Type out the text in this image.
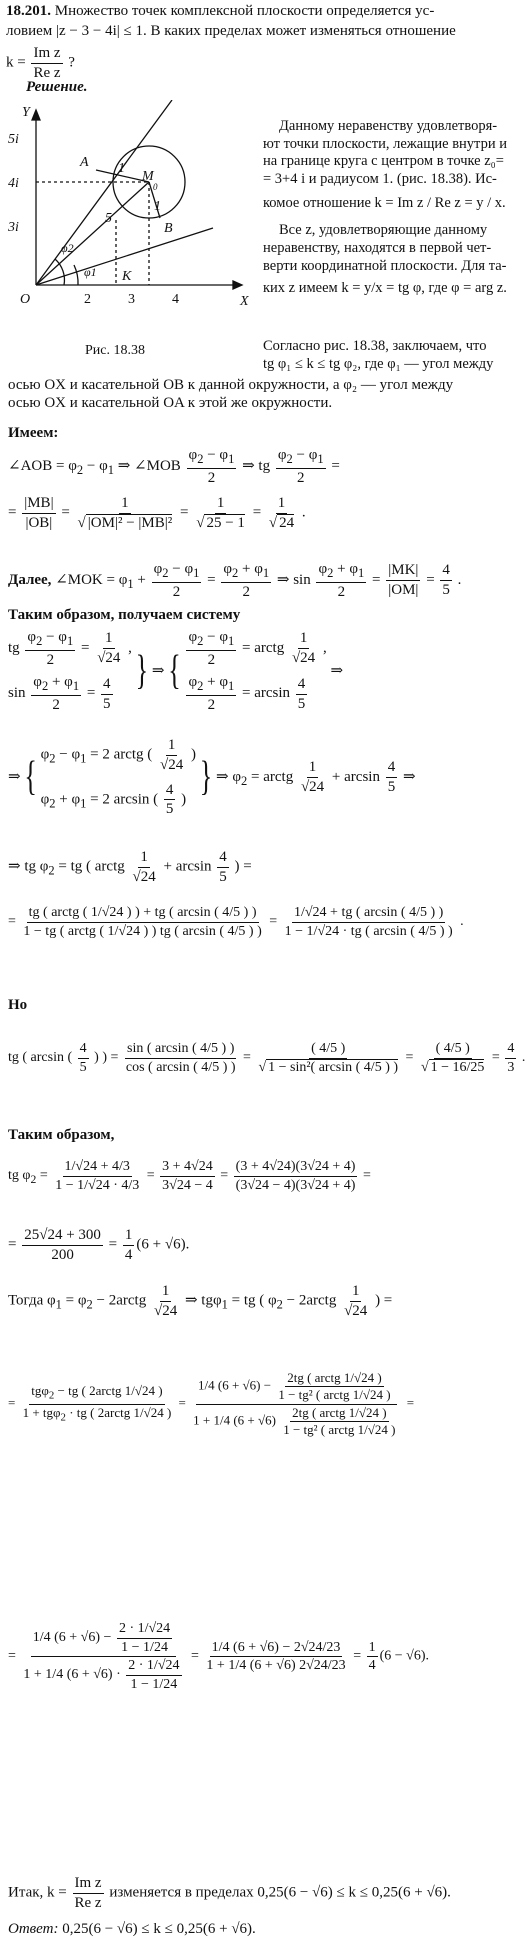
18.201. Множество точек комплексной плоскости определяется ус-
ловием |z − 3 − 4i| ≤ 1. В каких пределах может изменяться отношение
$k = \frac{\text{Im z}}{\text{Re z}}$ ?
Решение.
Y
X
O
A
B
M
0
K
1
1
5
φ2
φ1
5i
4i
3i
2	3	4
Рис. 18.38
Данному неравенству удовлетворя-
ют точки плоскости, лежащие внутри и
на границе круга с центром в точке z₀=
= 3+4 i и радиусом 1. (рис. 18.38). Ис-
комое отношение k = Im z / Re z = y / x.
Все z, удовлетворяющие данному
неравенству, находятся в первой чет-
верти координатной плоскости. Для та-
ких z имеем k = y/x = tg φ, где φ = arg z.
Согласно рис. 18.38, заключаем, что
tg φ₁ ≤ k ≤ tg φ₂, где φ₁ — угол между
осью OX и касательной OB к данной окружности, а φ₂ — угол между
осью OX и касательной OA к этой же окружности.
Имеем:
∠AOB = $\varphi_2 - \varphi_1$ ⇒ ∠MOB $\frac{\varphi_2 - \varphi_1}{2}$ ⇒ tg $\frac{\varphi_2 - \varphi_1}{2}$ =
= $\frac{|MB|}{|OB|} = \frac{1}{\text{√ |OM|² − |MB|²}} = \frac{1}{√ 25 - 1} = \frac{1}{√ 24}$ .
Далее, ∠MOK = $\varphi_1 + \frac{\varphi_2 - \varphi_1}{2} = \frac{\varphi_2 + \varphi_1}{2}$ ⇒ $\sin \frac{\varphi_2 + \varphi_1}{2} = \frac{|MK|}{|OM|} = \frac{4}{5}$ .
Таким образом, получаем систему
tg $\frac{\varphi_2 - \varphi_1}{2} = \frac{1}{√24}$ ,
$\sin \frac{\varphi_2 + \varphi_1}{2} = \frac{4}{5}$
} ⇒ { $\frac{\varphi_2 - \varphi_1}{2}$ = arctg $\frac{1}{√24}$ ,
$\frac{\varphi_2 + \varphi_1}{2} = \arcsin \frac{4}{5}$
⇒
⇒ { $\varphi_2 - \varphi_1 = 2$ arctg ( $\frac{1}{√24}$ )
$\varphi_2 + \varphi_1 = 2$ arcsin ( $\frac{4}{5}$ ) } ⇒ $\varphi_2$ = arctg $\frac{1}{√24} + \arcsin \frac{4}{5}$ ⇒
⇒ tg $\varphi_2$ = tg ( arctg $\frac{1}{√24} + \arcsin \frac{4}{5}$ ) =
=
tg ( arctg ( 1/√24 ) ) + tg ( arcsin ( 4/5 ) )
1 − tg ( arctg ( 1/√24 ) ) tg ( arcsin ( 4/5 ) )
= $\frac{1/√24 + tg ( \arcsin ( 4/5 ) )}{1 - 1/√24 \cdot tg ( \arcsin ( 4/5 ) )}$ .
Но
tg ( arcsin ( $\frac{4}{5}$ ) ) = $\frac{\sin ( \arcsin ( 4/5 ) )}{\cos ( \arcsin ( 4/5 ) )} = \frac{( 4/5 )}{\text{√ 1 − sin²( arcsin ( 4/5 ) )}} = \frac{( 4/5 )}{√ 1 - 16/25} = \frac{4}{3}$ .
Таким образом,
tg $\varphi_2 = \frac{1/√24 + 4/3}{1 - 1/√24 \cdot 4/3} = \frac{3 + 4√24}{3√24 - 4} = \frac{(3 + 4√24)(3√24 + 4)}{(3√24 - 4)(3√24 + 4)}$ =
= $\frac{25√24 + 300}{200} = \frac{1}{4} (6 + √6)$.
Тогда $\varphi_1 = \varphi_2$ − 2arctg $\frac{1}{√24}$ ⇒ tgφ$_1$ = tg ( $\varphi_2$ − 2arctg $\frac{1}{√24}$ ) =
=
tgφ$_2$ − tg ( 2arctg 1/√24 )
1 + tgφ$_2$ · tg ( 2arctg 1/√24 )
=
1/4 (6 + √6) −
2tg ( arctg 1/√24 )
1 − tg² ( arctg 1/√24 )
1 + 1/4 (6 + √6)
2tg ( arctg 1/√24 )
1 − tg² ( arctg 1/√24 )
=
= $\frac{1/4 (6 + √6) - \frac{2 \cdot 1/√24}{1 - 1/24}}{1 + 1/4 (6 + √6) \cdot \frac{2 \cdot 1/√24}{1 - 1/24}} = \frac{1/4 (6 + √6) - 2√24/23}{1 + 1/4 (6 + √6) 2√24/23} = \frac{1}{4} (6 - √6)$.
Итак, $k = \frac{\text{Im z}}{\text{Re z}}$ изменяется в пределах 0,25(6 − √6) ≤ k ≤ 0,25(6 + √6).
Ответ: 0,25(6 − √6) ≤ k ≤ 0,25(6 + √6).
